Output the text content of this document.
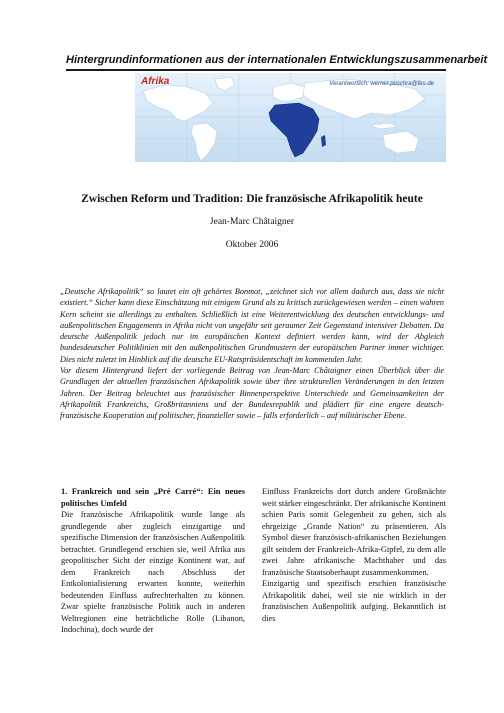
Hintergrundinformationen aus der internationalen Entwicklungszusammenarbeit
Afrika	Verantwortlich: werner.puschra@fes.de
Zwischen Reform und Tradition: Die französische Afrikapolitik heute
Jean-Marc Châtaigner
Oktober 2006

„Deutsche Afrikapolitik“ so lautet ein oft gehörtes Bonmot, „zeichnet sich vor allem dadurch aus, dass sie nicht existiert.“ Sicher kann diese Einschätzung mit einigem Grund als zu kritisch zurückgewiesen werden – einen wahren Kern scheint sie allerdings zu enthalten. Schließlich ist eine Weiterentwicklung des deutschen entwicklungs- und außenpolitischen Engagements in Afrika nicht von ungefähr seit geraumer Zeit Gegenstand intensiver Debatten. Da deutsche Außenpolitik jedoch nur im europäischen Kontext definiert werden kann, wird der Abgleich bundesdeutscher Politiklinien mit den außenpolitischen Grundmustern der europäischen Partner immer wichtiger. Dies nicht zuletzt im Hinblick auf die deutsche EU-Ratspräsidentschaft im kommenden Jahr.

Vor diesem Hintergrund liefert der vorliegende Beitrag von Jean-Marc Châtaigner einen Überblick über die Grundlagen der aktuellen französischen Afrikapolitik sowie über ihre strukturellen Veränderungen in den letzten Jahren. Der Beitrag beleuchtet aus französischer Binnenperspektive Unterschiede und Gemeinsamkeiten der Afrikapolitik Frankreichs, Großbritanniens und der Bundesrepublik und plädiert für eine engere deutsch-französische Kooperation auf politischer, finanzieller sowie – falls erforderlich – auf militärischer Ebene.

1. Frankreich und sein „Pré Carré“: Ein neues politisches Umfeld

Die französische Afrikapolitik wurde lange als grundlegende aber zugleich einzigartige und spezifische Dimension der französischen Außenpolitik betrachtet. Grundlegend erschien sie, weil Afrika aus geopolitischer Sicht der einzige Kontinent war, auf dem Frankreich nach Abschluss der Entkolonialisierung erwarten konnte, weiterhin bedeutenden Einfluss aufrechterhalten zu können. Zwar spielte französische Politik auch in anderen Weltregionen eine beträchtliche Rolle (Libanon, Indochina), doch wurde der

Einfluss Frankreichs dort durch andere Großmächte weit stärker eingeschränkt. Der afrikanische Kontinent schien Paris somit Gelegenheit zu geben, sich als ehrgeizige „Grande Nation“ zu präsentieren. Als Symbol dieser französisch-afrikanischen Beziehungen gilt seitdem der Frankreich-Afrika-Gipfel, zu dem alle zwei Jahre afrikanische Machthaber und das französische Staatsoberhaupt zusammenkommen.

Einzigartig und spezifisch erschien französische Afrikapolitik dabei, weil sie nie wirklich in der französischen Außenpolitik aufging. Bekanntlich ist dies
